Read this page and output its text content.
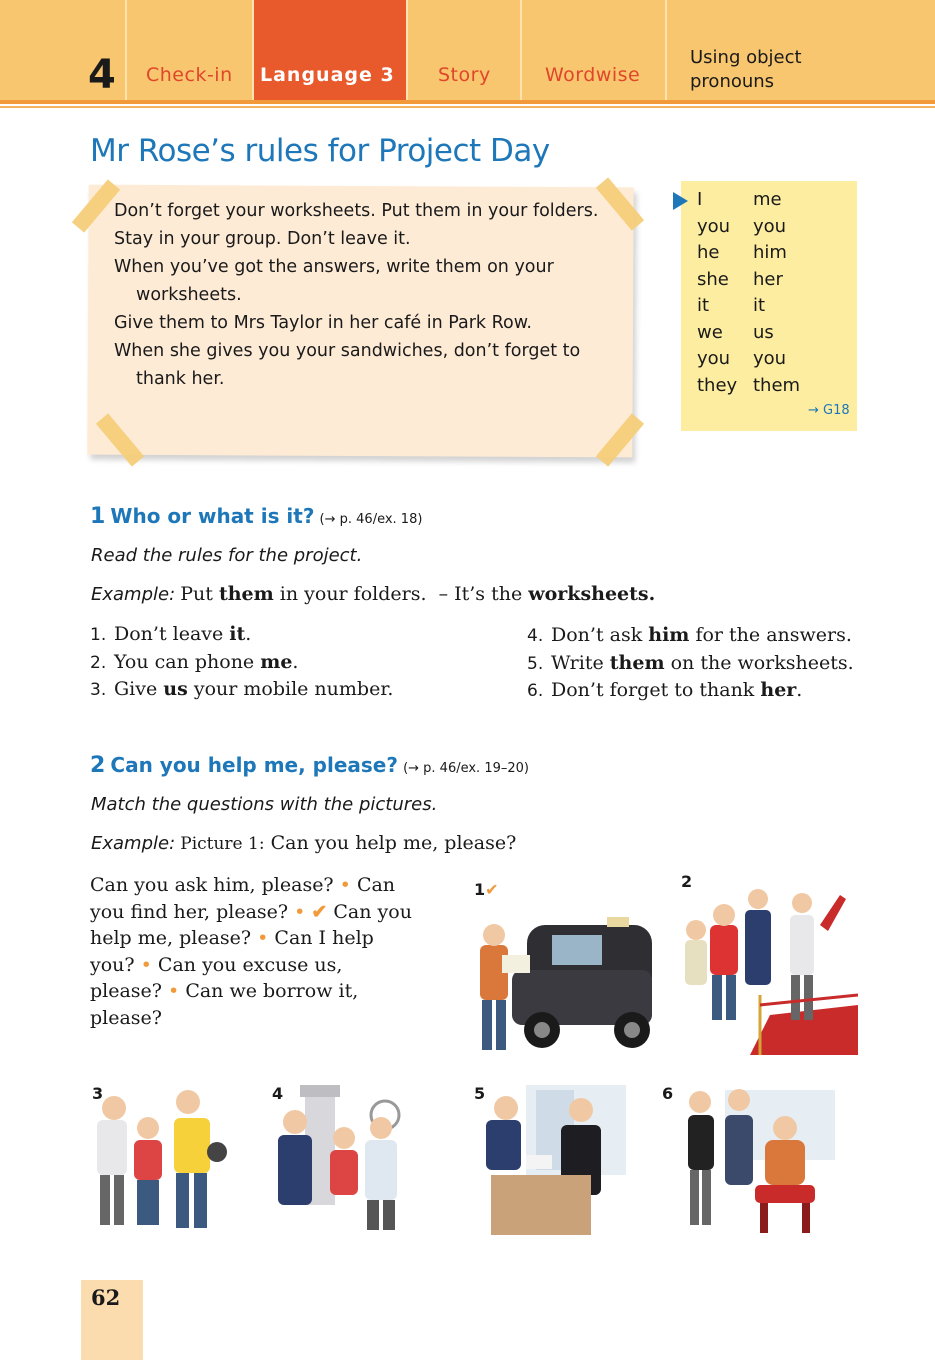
4 Check-in Language 3 Story	Wordwise
Using object
pronouns
Mr Rose’s rules for Project Day
Don’t forget your worksheets. Put them in your folders.
Stay in your group. Don’t leave it.
When you’ve got the answers, write them on your worksheets.
Give them to Mrs Taylor in her café in Park Row.
When she gives you your sandwiches, don’t forget to thank her.
I	me
you you
he him
she her
it it
we us
you you
they them
→ G18
1 Who or what is it? (→ p. 46/ex. 18)
Read the rules for the project.
Example: Put them in your folders.  – It’s the worksheets.
1. Don’t leave it.
2. You can phone me.
3. Give us your mobile number.
4. Don’t ask him for the answers.
5. Write them on the worksheets.
6. Don’t forget to thank her.
2 Can you help me, please? (→ p. 46/ex. 19–20)
Match the questions with the pictures.
Example: Picture 1: Can you help me, please?
Can you ask him, please? • Can you find her, please? • ✔ Can you help me, please? • Can I help you? • Can you excuse us, please? • Can we borrow it, please?
1✔	2
3	4	5	6
62
